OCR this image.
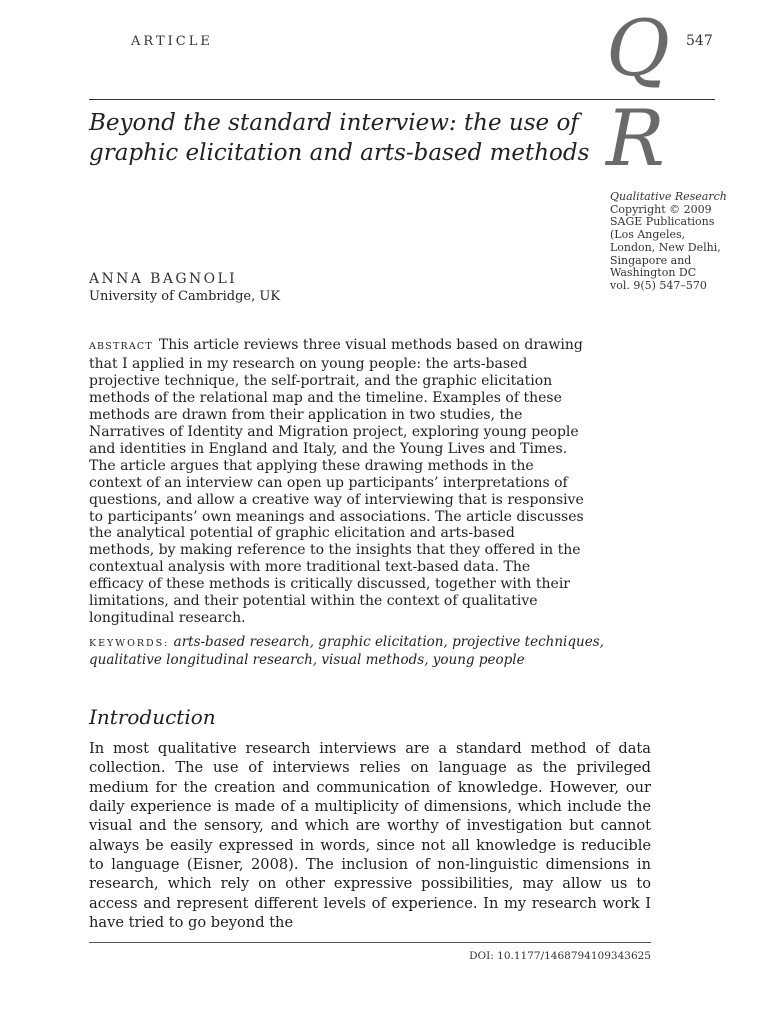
ARTICLE	547
Q
R
Beyond the standard interview: the use of graphic elicitation and arts-based methods
Qualitative Research
Copyright © 2009
SAGE Publications
(Los Angeles,
London, New Delhi,
Singapore and
Washington DC
vol. 9(5) 547–570
ANNA BAGNOLI
University of Cambridge, UK
ABSTRACT This article reviews three visual methods based on drawing that I applied in my research on young people: the arts-based projective technique, the self-portrait, and the graphic elicitation methods of the relational map and the timeline. Examples of these methods are drawn from their application in two studies, the Narratives of Identity and Migration project, exploring young people and identities in England and Italy, and the Young Lives and Times. The article argues that applying these drawing methods in the context of an interview can open up participants’ interpretations of questions, and allow a creative way of interviewing that is responsive to participants’ own meanings and associations. The article discusses the analytical potential of graphic elicitation and arts-based methods, by making reference to the insights that they offered in the contextual analysis with more traditional text-based data. The efficacy of these methods is critically discussed, together with their limitations, and their potential within the context of qualitative longitudinal research.
KEYWORDS: arts-based research, graphic elicitation, projective techniques, qualitative longitudinal research, visual methods, young people
Introduction
In most qualitative research interviews are a standard method of data collection. The use of interviews relies on language as the privileged medium for the creation and communication of knowledge. However, our daily experience is made of a multiplicity of dimensions, which include the visual and the sensory, and which are worthy of investigation but cannot always be easily expressed in words, since not all knowledge is reducible to language (Eisner, 2008). The inclusion of non-linguistic dimensions in research, which rely on other expressive possibilities, may allow us to access and represent different levels of experience. In my research work I have tried to go beyond the
DOI: 10.1177/1468794109343625
